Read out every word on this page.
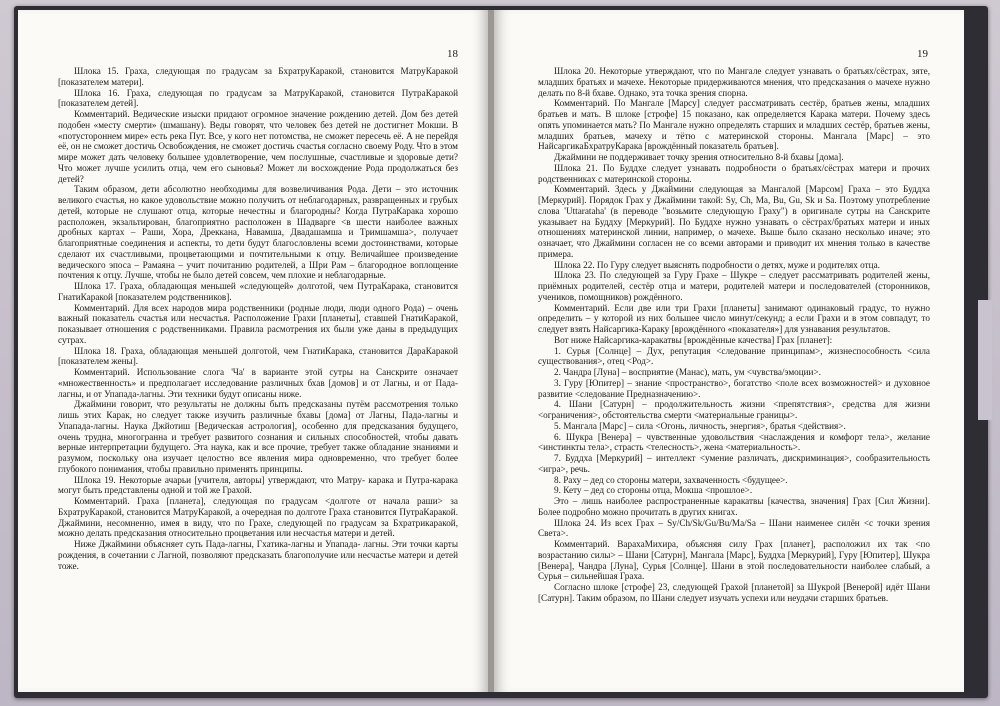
18

Шлока 15. Граха, следующая по градусам за БхратруКаракой, становится МатруКаракой [показателем матери].

Шлока 16. Граха, следующая по градусам за МатруКаракой, становится ПутраКаракой [показателем детей].

Комментарий. Ведические изыски придают огромное значение рождению детей. Дом без детей подобен «месту смерти» (шмашану). Веды говорят, что человек без детей не достигнет Мокши. В «потустороннем мире» есть река Пут. Все, у кого нет потомства, не сможет пересечь её. А не перейдя её, он не сможет достичь Освобождения, не сможет достичь счастья согласно своему Роду. Что в этом мире может дать человеку большее удовлетворение, чем послушные, счастливые и здоровые дети? Что может лучше усилить отца, чем его сыновья? Может ли восхождение Рода продолжаться без детей?

Таким образом, дети абсолютно необходимы для возвеличивания Рода. Дети – это источник великого счастья, но какое удовольствие можно получить от неблагодарных, развращенных и грубых детей, которые не слушают отца, которые нечестны и благородны? Когда ПутраКарака хорошо расположен, экзальтирован, благоприятно расположен в Шадварге <в шести наиболее важных дробных картах – Раши, Хора, Дреккана, Навамша, Двадашамша и Тримшамша>, получает благоприятные соединения и аспекты, то дети будут благословлены всеми достоинствами, которые сделают их счастливыми, процветающими и почтительными к отцу. Величайшее произведение ведического эпоса – Рамаяна – учит почитанию родителей, а Шри Рам – благородное воплощение почтения к отцу. Лучше, чтобы не было детей совсем, чем плохие и неблагодарные.

Шлока 17. Граха, обладающая меньшей «следующей» долготой, чем ПутраКарака, становится ГнатиКаракой [показателем родственников].

Комментарий. Для всех народов мира родственники (родные люди, люди одного Рода) – очень важный показатель счастья или несчастья. Расположение Грахи [планеты], ставшей ГнатиКаракой, показывает отношения с родственниками. Правила расмотрения их были уже даны в предыдущих сутрах.

Шлока 18. Граха, обладающая меньшей долготой, чем ГнатиКарака, становится ДараКаракой [показателем жены].

Комментарий. Использование слога 'Ча' в варианте этой сутры на Санскрите означает «множественность» и предполагает исследование различных бхав [домов] и от Лагны, и от Пада-лагны, и от Упапада-лагны. Эти техники будут описаны ниже.

Джаймини говорит, что результаты не должны быть предсказаны путём рассмотрения только лишь этих Карак, но следует также изучить различные бхавы [дома] от Лагны, Пада-лагны и Упапада-лагны. Наука Джйотиш [Ведическая астрология], особенно для предсказания будущего, очень трудна, многогранна и требует развитого сознания и сильных способностей, чтобы давать верные интерпретации будущего. Эта наука, как и все прочие, требует также обладание знаниями и разумом, поскольку она изучает целостно все явления мира одновременно, что требует более глубокого понимания, чтобы правильно применять принципы.

Шлока 19. Некоторые ачарьи [учителя, авторы] утверждают, что Матру- карака и Путра-карака могут быть представлены одной и той же Грахой.

Комментарий. Граха [планета], следующая по градусам <долготе от начала раши> за БхратруКаракой, становится МатруКаракой, а очередная по долготе Граха становится ПутраКаракой. Джаймини, несомненно, имея в виду, что по Грахе, следующей по градусам за Бхратрикаракой, можно делать предсказания относительно процветания или несчастья матери и детей.

Ниже Джаймини объясняет суть Пада-лагны, Гхатика-лагны и Упапада- лагны. Эти точки карты рождения, в сочетании с Лагной, позволяют предсказать благополучие или несчастье матери и детей тоже.

19

Шлока 20. Некоторые утверждают, что по Мангале следует узнавать о братьях/сёстрах, зяте, младших братьях и мачехе. Некоторые придерживаются мнения, что предсказания о мачехе нужно делать по 8-й бхаве. Однако, эта точка зрения спорна.

Комментарий. По Мангале [Марсу] следует рассматривать сестёр, братьев жены, младших братьев и мать. В шлоке [строфе] 15 показано, как определяется Карака матери. Почему здесь опять упоминается мать? По Мангале нужно определять старших и младших сестёр, братьев жены, младших братьев, мачеху и тётю с материнской стороны. Мангала [Марс] – это НайсаргикаБхратруКарака [врождённый показатель братьев].

Джаймини не поддерживает точку зрения относительно 8-й бхавы [дома].

Шлока 21. По Буддхе следует узнавать подробности о братьях/сёстрах матери и прочих родственниках с материнской стороны.

Комментарий. Здесь у Джаймини следующая за Мангалой [Марсом] Граха – это Буддха [Меркурий]. Порядок Грах у Джаймини такой: Sy, Ch, Ma, Bu, Gu, Sk и Sa. Поэтому употребление слова 'Uttarataha' (в переводе "возьмите следующую Граху") в оригинале сутры на Санскрите указывает на Буддху [Меркурий]. По Буддхе нужно узнавать о сёстрах/братьях матери и иных отношениях материнской линии, например, о мачехе. Выше было сказано несколько иначе; это означает, что Джаймини согласен не со всеми авторами и приводит их мнения только в качестве примера.

Шлока 22. По Гуру следует выяснять подробности о детях, муже и родителях отца.

Шлока 23. По следующей за Гуру Грахе – Шукре – следует рассматривать родителей жены, приёмных родителей, сестёр отца и матери, родителей матери и последователей (сторонников, учеников, помощников) рождённого.

Комментарий. Если две или три Грахи [планеты] занимают одинаковый градус, то нужно определить – у которой из них большее число минут/секунд; а если Грахи и в этом совпадут, то следует взять Найсаргика-Караку [врождённого «показателя»] для узнавания результатов.

Вот ниже Найсаргика-каракатвы [врождённые качества] Грах [планет]:

1. Сурья [Солнце] – Дух, репутация <следование принципам>, жизнеспособность <сила существования>, отец <Род>.

2. Чандра [Луна] – восприятие (Манас), мать, ум <чувства/эмоции>.

3. Гуру [Юпитер] – знание <пространство>, богатство <поле всех возможностей> и духовное развитие <следование Предназначению>.

4. Шани [Сатурн] – продолжительность жизни <препятствия>, средства для жизни <ограничения>, обстоятельства смерти <материальные границы>.

5. Мангала [Марс] – сила <Огонь, личность, энергия>, братья <действия>.

6. Шукра [Венера] – чувственные удовольствия <наслаждения и комфорт тела>, желание <инстинкты тела>, страсть <телесность>, жена <материальность>.

7. Буддха [Меркурий] – интеллект <умение различать, дискриминация>, сообразительность <игра>, речь.

8. Раху – дед со стороны матери, захваченность <будущее>.

9. Кету – дед со стороны отца, Мокша <прошлое>.

Это – лишь наиболее распространенные каракатвы [качества, значения] Грах [Сил Жизни]. Более подробно можно прочитать в других книгах.

Шлока 24. Из всех Грах – Sy/Ch/Sk/Gu/Bu/Ma/Sa – Шани наименее силён <с точки зрения Света>.

Комментарий. ВарахаМихира, объясняя силу Грах [планет], расположил их так <по возрастанию силы> – Шани [Сатурн], Мангала [Марс], Буддха [Меркурий], Гуру [Юпитер], Шукра [Венера], Чандра [Луна], Сурья [Солнце]. Шани в этой последовательности наиболее слабый, а Сурья – сильнейшая Граха.

Согласно шлоке [строфе] 23, следующей Грахой [планетой] за Шукрой [Венерой] идёт Шани [Сатурн]. Таким образом, по Шани следует изучать успехи или неудачи старших братьев.
